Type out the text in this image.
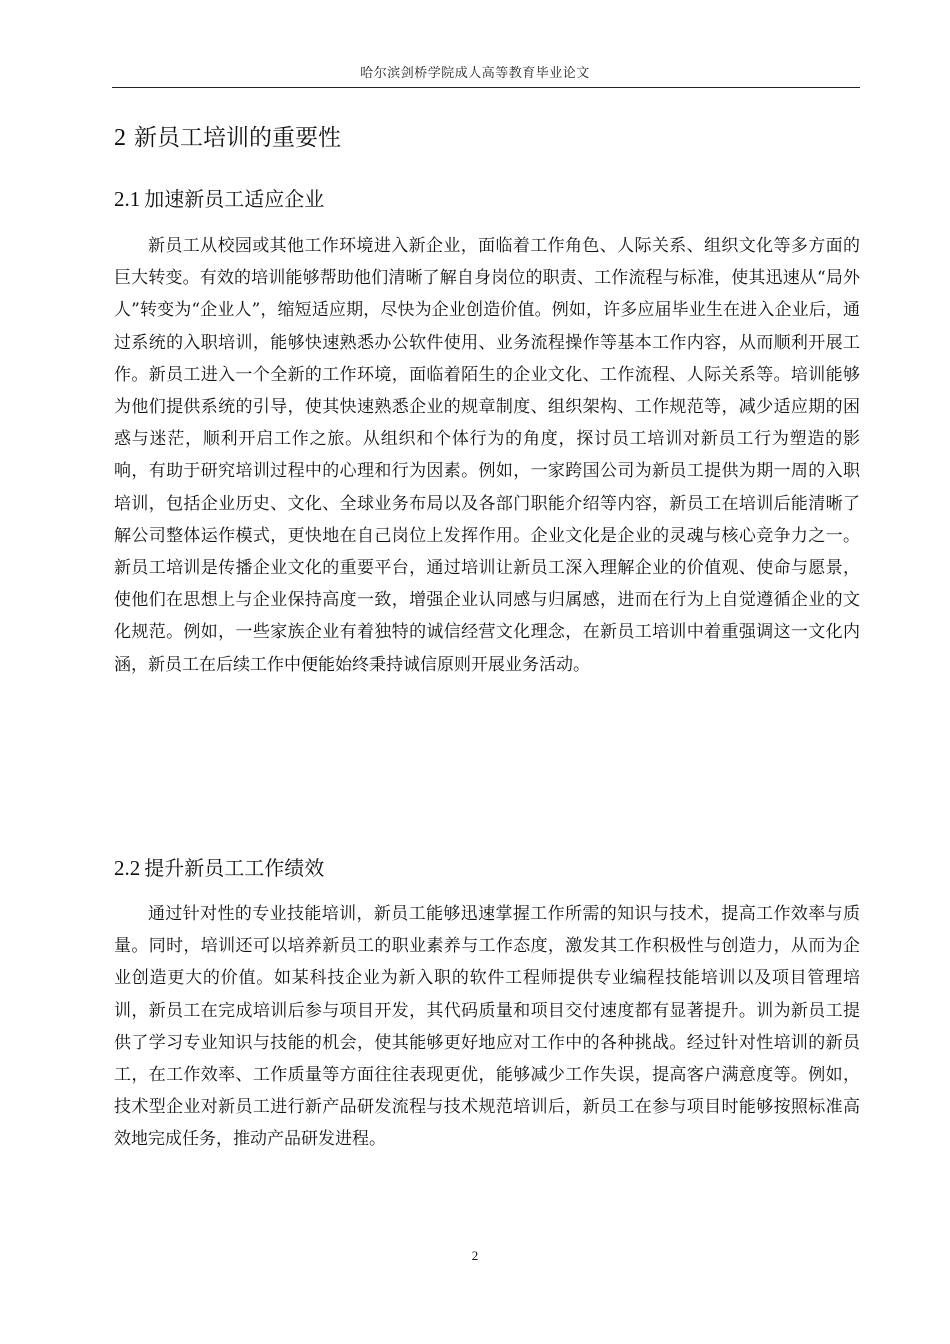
哈尔滨剑桥学院成人高等教育毕业论文
2 新员工培训的重要性
2.1 加速新员工适应企业

新员工从校园或其他工作环境进入新企业，面临着工作角色、人际关系、组织文化等多方面的巨大转变。有效的培训能够帮助他们清晰了解自身岗位的职责、工作流程与标准，使其迅速从“局外人”转变为“企业人”，缩短适应期，尽快为企业创造价值。例如，许多应届毕业生在进入企业后，通过系统的入职培训，能够快速熟悉办公软件使用、业务流程操作等基本工作内容，从而顺利开展工作。新员工进入一个全新的工作环境，面临着陌生的企业文化、工作流程、人际关系等。培训能够为他们提供系统的引导，使其快速熟悉企业的规章制度、组织架构、工作规范等，减少适应期的困惑与迷茫，顺利开启工作之旅。从组织和个体行为的角度，探讨员工培训对新员工行为塑造的影响，有助于研究培训过程中的心理和行为因素。例如，一家跨国公司为新员工提供为期一周的入职培训，包括企业历史、文化、全球业务布局以及各部门职能介绍等内容，新员工在培训后能清晰了解公司整体运作模式，更快地在自己岗位上发挥作用。企业文化是企业的灵魂与核心竞争力之一。新员工培训是传播企业文化的重要平台，通过培训让新员工深入理解企业的价值观、使命与愿景，使他们在思想上与企业保持高度一致，增强企业认同感与归属感，进而在行为上自觉遵循企业的文化规范。例如，一些家族企业有着独特的诚信经营文化理念，在新员工培训中着重强调这一文化内涵，新员工在后续工作中便能始终秉持诚信原则开展业务活动。

2.2 提升新员工工作绩效

通过针对性的专业技能培训，新员工能够迅速掌握工作所需的知识与技术，提高工作效率与质量。同时，培训还可以培养新员工的职业素养与工作态度，激发其工作积极性与创造力，从而为企业创造更大的价值。如某科技企业为新入职的软件工程师提供专业编程技能培训以及项目管理培训，新员工在完成培训后参与项目开发，其代码质量和项目交付速度都有显著提升。训为新员工提供了学习专业知识与技能的机会，使其能够更好地应对工作中的各种挑战。经过针对性培训的新员工，在工作效率、工作质量等方面往往表现更优，能够减少工作失误，提高客户满意度等。例如，技术型企业对新员工进行新产品研发流程与技术规范培训后，新员工在参与项目时能够按照标准高效地完成任务，推动产品研发进程。

2
